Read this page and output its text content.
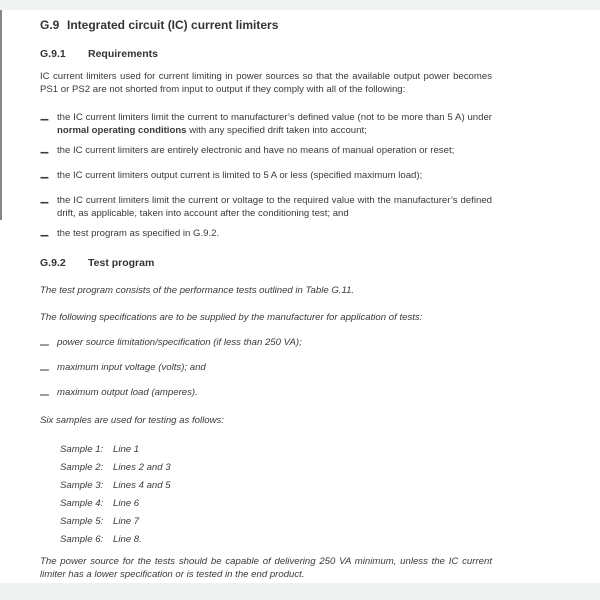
G.9 Integrated circuit (IC) current limiters
G.9.1 Requirements

IC current limiters used for current limiting in power sources so that the available output power becomes PS1 or PS2 are not shorted from input to output if they comply with all of the following:

– the IC current limiters limit the current to manufacturer’s defined value (not to be more than 5 A) under normal operating conditions with any specified drift taken into account;

– the IC current limiters are entirely electronic and have no means of manual operation or reset;

– the IC current limiters output current is limited to 5 A or less (specified maximum load);

– the IC current limiters limit the current or voltage to the required value with the manufacturer’s defined drift, as applicable, taken into account after the conditioning test; and

– the test program as specified in G.9.2.

G.9.2 Test program

The test program consists of the performance tests outlined in Table G.11.

The following specifications are to be supplied by the manufacturer for application of tests:

– power source limitation/specification (if less than 250 VA);

– maximum input voltage (volts); and

– maximum output load (amperes).

Six samples are used for testing as follows:

Sample 1:	Line 1
Sample 2:	Lines 2 and 3
Sample 3:	Lines 4 and 5
Sample 4:	Line 6
Sample 5:	Line 7
Sample 6:	Line 8.

The power source for the tests should be capable of delivering 250 VA minimum, unless the IC current limiter has a lower specification or is tested in the end product.
